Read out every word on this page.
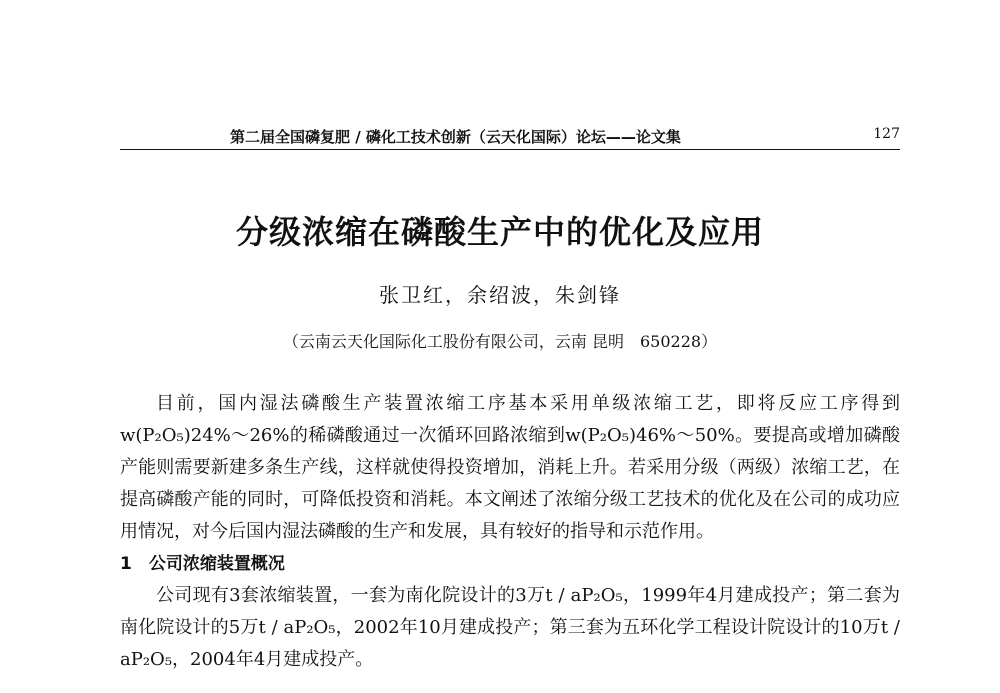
第二届全国磷复肥 / 磷化工技术创新（云天化国际）论坛——论文集	127
分级浓缩在磷酸生产中的优化及应用
张卫红，余绍波，朱剑锋
（云南云天化国际化工股份有限公司，云南 昆明　650228）

目前，国内湿法磷酸生产装置浓缩工序基本采用单级浓缩工艺，即将反应工序得到w(P₂O₅)24%～26%的稀磷酸通过一次循环回路浓缩到w(P₂O₅)46%～50%。要提高或增加磷酸产能则需要新建多条生产线，这样就使得投资增加，消耗上升。若采用分级（两级）浓缩工艺，在提高磷酸产能的同时，可降低投资和消耗。本文阐述了浓缩分级工艺技术的优化及在公司的成功应用情况，对今后国内湿法磷酸的生产和发展，具有较好的指导和示范作用。

1　公司浓缩装置概况

公司现有3套浓缩装置，一套为南化院设计的3万t / aP₂O₅，1999年4月建成投产；第二套为南化院设计的5万t / aP₂O₅，2002年10月建成投产；第三套为五环化学工程设计院设计的10万t / aP₂O₅，2004年4月建成投产。
